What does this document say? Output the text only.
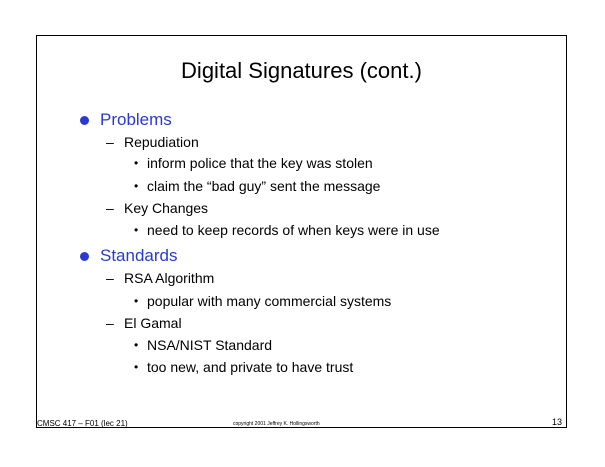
Digital Signatures (cont.)
Problems
– Repudiation
• inform police that the key was stolen
• claim the “bad guy” sent the message
– Key Changes
• need to keep records of when keys were in use
Standards
– RSA Algorithm
• popular with many commercial systems
– El Gamal
• NSA/NIST Standard
• too new, and private to have trust
CMSC 417 – F01 (lec 21)	copyright 2001 Jeffrey K. Hollingsworth	13
